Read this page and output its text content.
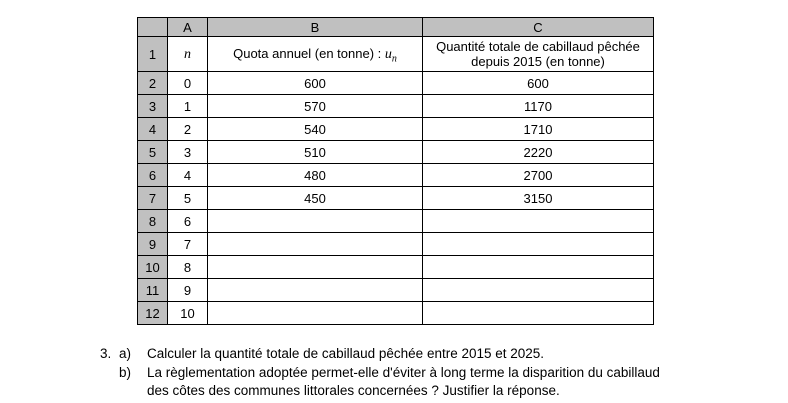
	A	B	C
1	n	Quota annuel (en tonne) : $u_n$	Quantité totale de cabillaud pêchée depuis 2015 (en tonne)
2	0	600	600
3	1	570	1170
4	2	540	1710
5	3	510	2220
6	4	480	2700
7	5	450	3150
8	6		
9	7		
10	8		
11	9		
12	10		
3. a)	Calculer la quantité totale de cabillaud pêchée entre 2015 et 2025.
b)	La règlementation adoptée permet-elle d'éviter à long terme la disparition du cabillaud
des côtes des communes littorales concernées ? Justifier la réponse.
